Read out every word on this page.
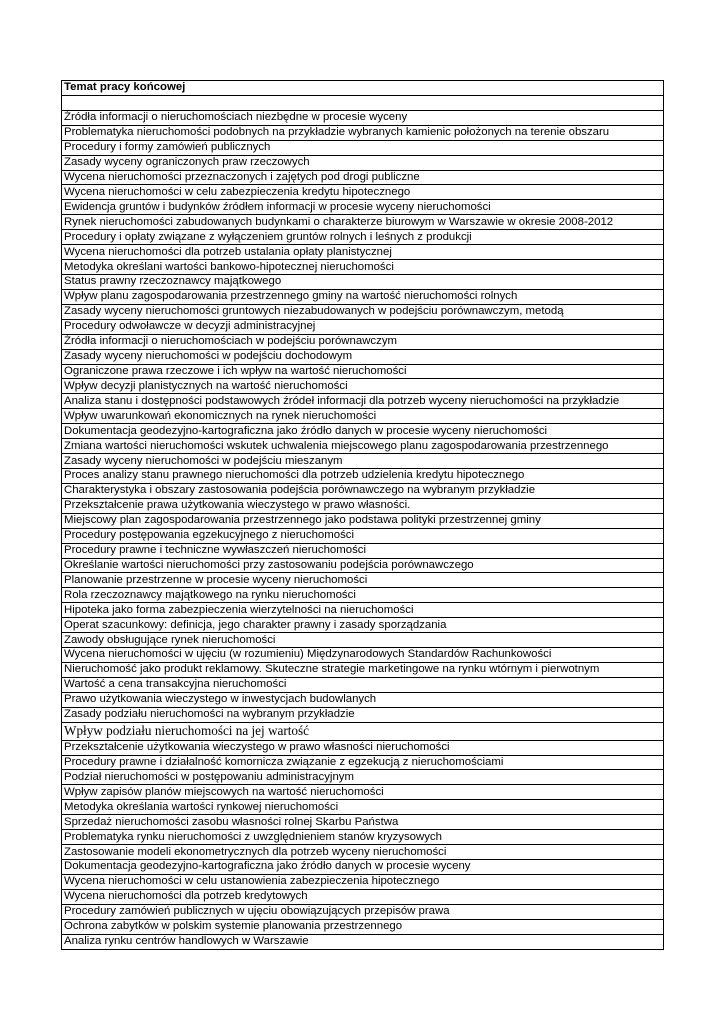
Temat pracy końcowej

Źródła informacji o nieruchomościach niezbędne w procesie wyceny
Problematyka nieruchomości podobnych na przykładzie wybranych kamienic położonych na terenie obszaru
Procedury i formy zamówień publicznych
Zasady wyceny ograniczonych praw rzeczowych
Wycena nieruchomości przeznaczonych i zajętych pod drogi publiczne
Wycena nieruchomości w celu zabezpieczenia kredytu hipotecznego
Ewidencja gruntów i budynków źródłem informacji w procesie wyceny nieruchomości
Rynek nieruchomości zabudowanych budynkami o charakterze biurowym w Warszawie w okresie 2008-2012
Procedury i opłaty związane z wyłączeniem gruntów rolnych i leśnych z produkcji
Wycena nieruchomości dla potrzeb ustalania opłaty planistycznej
Metodyka określani wartości bankowo-hipotecznej nieruchomości
Status prawny rzeczoznawcy majątkowego
Wpływ planu zagospodarowania przestrzennego gminy na wartość nieruchomości rolnych
Zasady wyceny nieruchomości gruntowych niezabudowanych w podejściu porównawczym, metodą
Procedury odwoławcze w decyzji administracyjnej
Źródła informacji o nieruchomościach w podejściu porównawczym
Zasady wyceny nieruchomości w podejściu dochodowym
Ograniczone prawa rzeczowe i ich wpływ na wartość nieruchomości
Wpływ decyzji planistycznych na wartość nieruchomości
Analiza stanu i dostępności podstawowych źródeł informacji dla potrzeb wyceny nieruchomości na przykładzie
Wpływ uwarunkowań ekonomicznych na rynek nieruchomości
Dokumentacja geodezyjno-kartograficzna jako źródło danych w procesie wyceny nieruchomości
Zmiana wartości nieruchomości wskutek uchwalenia miejscowego planu zagospodarowania przestrzennego
Zasady wyceny nieruchomości w podejściu mieszanym
Proces analizy stanu prawnego nieruchomości dla potrzeb udzielenia kredytu hipotecznego
Charakterystyka i obszary zastosowania podejścia porównawczego na wybranym przykładzie
Przekształcenie prawa użytkowania wieczystego w prawo własności.
Miejscowy plan zagospodarowania przestrzennego jako podstawa polityki przestrzennej gminy
Procedury postępowania egzekucyjnego z nieruchomości
Procedury prawne i techniczne wywłaszczeń nieruchomości
Określanie wartości nieruchomości przy zastosowaniu podejścia porównawczego
Planowanie przestrzenne w procesie wyceny nieruchomości
Rola rzeczoznawcy majątkowego na rynku nieruchomości
Hipoteka jako forma zabezpieczenia wierzytelności na nieruchomości
Operat szacunkowy: definicja, jego charakter prawny i zasady sporządzania
Zawody obsługujące rynek nieruchomości
Wycena nieruchomości w ujęciu (w rozumieniu) Międzynarodowych Standardów Rachunkowości
Nieruchomość jako produkt reklamowy. Skuteczne strategie marketingowe na rynku wtórnym i pierwotnym
Wartość a cena transakcyjna nieruchomości
Prawo użytkowania wieczystego w inwestycjach budowlanych
Zasady podziału nieruchomości na wybranym przykładzie
Wpływ podziału nieruchomości na jej wartość
Przekształcenie użytkowania wieczystego w prawo własności nieruchomości
Procedury prawne i działalność komornicza związanie z egzekucją z nieruchomościami
Podział nieruchomości w postępowaniu administracyjnym
Wpływ zapisów planów miejscowych na wartość nieruchomości
Metodyka określania wartości rynkowej nieruchomości
Sprzedaż nieruchomości zasobu własności rolnej Skarbu Państwa
Problematyka rynku nieruchomości z uwzględnieniem stanów kryzysowych
Zastosowanie modeli ekonometrycznych dla potrzeb wyceny nieruchomości
Dokumentacja geodezyjno-kartograficzna jako źródło danych w procesie wyceny
Wycena nieruchomości w celu ustanowienia zabezpieczenia hipotecznego
Wycena nieruchomości dla potrzeb kredytowych
Procedury zamówień publicznych w ujęciu obowiązujących przepisów prawa
Ochrona zabytków w polskim systemie planowania przestrzennego
Analiza rynku centrów handlowych w Warszawie
